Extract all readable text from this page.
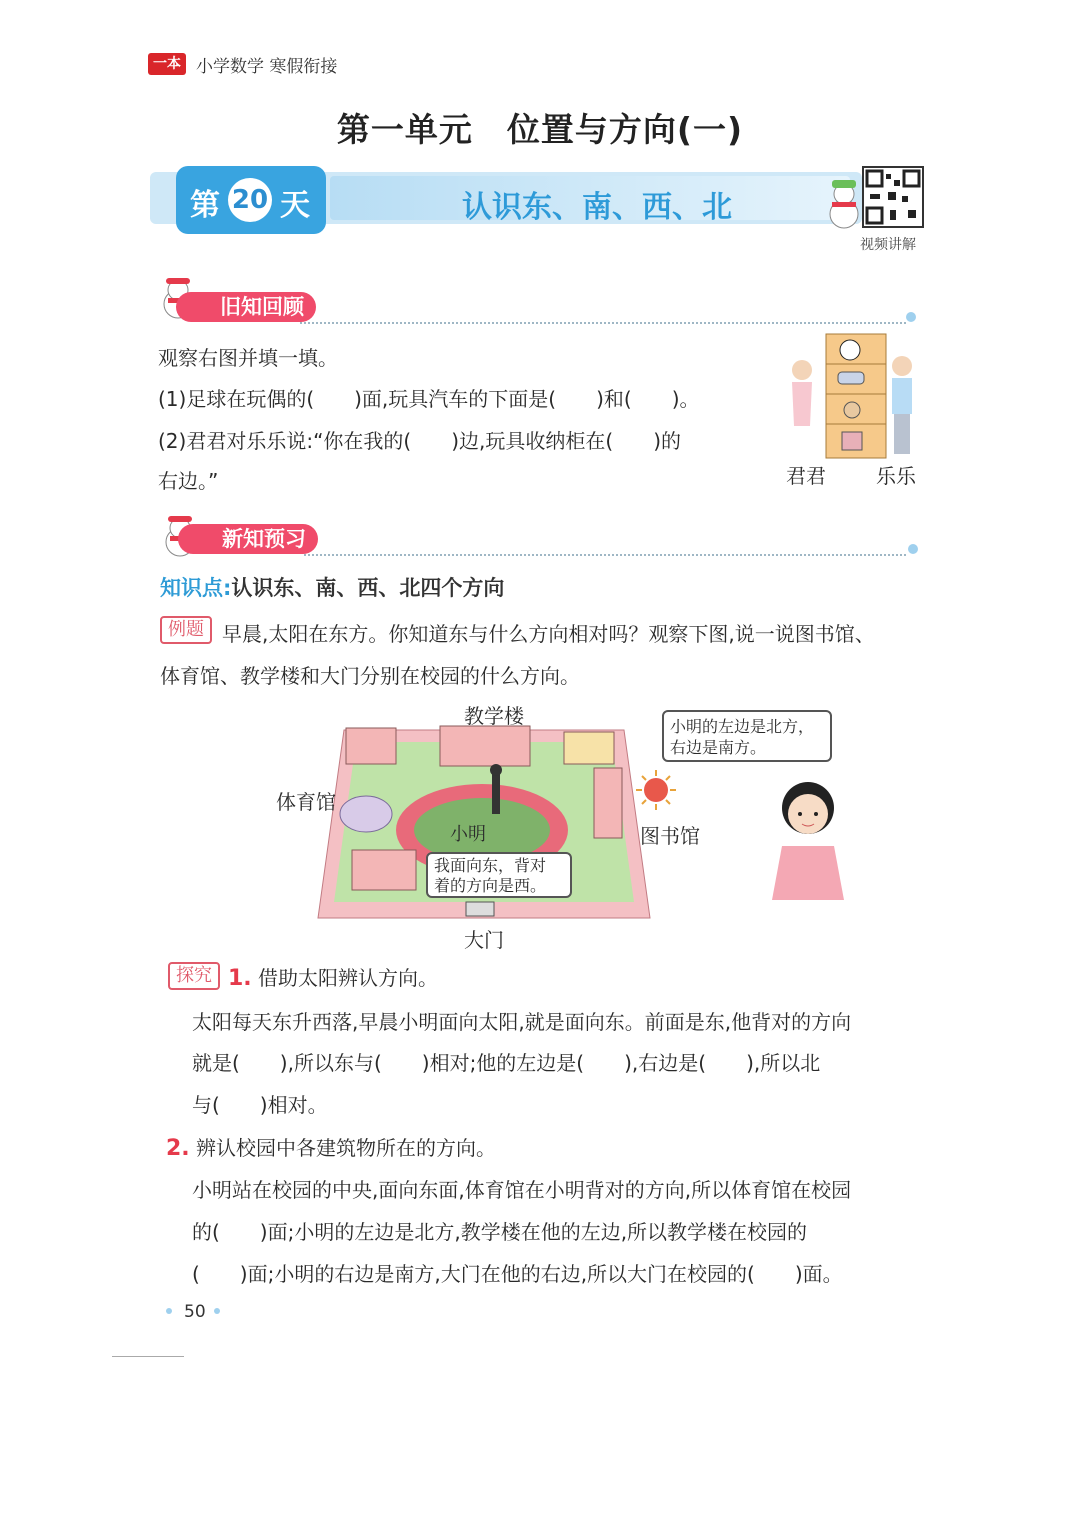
一本 小学数学 寒假衔接
第一单元　位置与方向(一)
第 20 天	认识东、南、西、北
视频讲解
旧知回顾
观察右图并填一填。
(1)足球在玩偶的(　　)面,玩具汽车的下面是(　　)和(　　)。
(2)君君对乐乐说:“你在我的(　　)边,玩具收纳柜在(　　)的
右边。”	君君	乐乐
新知预习
知识点:认识东、南、西、北四个方向
例题 早晨,太阳在东方。你知道东与什么方向相对吗？观察下图,说一说图书馆、
体育馆、教学楼和大门分别在校园的什么方向。
教学楼
体育馆
图书馆
大门
小明
我面向东，背对
着的方向是西。
小明的左边是北方，
右边是南方。
探究 1. 借助太阳辨认方向。
太阳每天东升西落,早晨小明面向太阳,就是面向东。前面是东,他背对的方向
就是(　　),所以东与(　　)相对;他的左边是(　　),右边是(　　),所以北
与(　　)相对。
2. 辨认校园中各建筑物所在的方向。
小明站在校园的中央,面向东面,体育馆在小明背对的方向,所以体育馆在校园
的(　　)面;小明的左边是北方,教学楼在他的左边,所以教学楼在校园的
(　　)面;小明的右边是南方,大门在他的右边,所以大门在校园的(　　)面。
50
